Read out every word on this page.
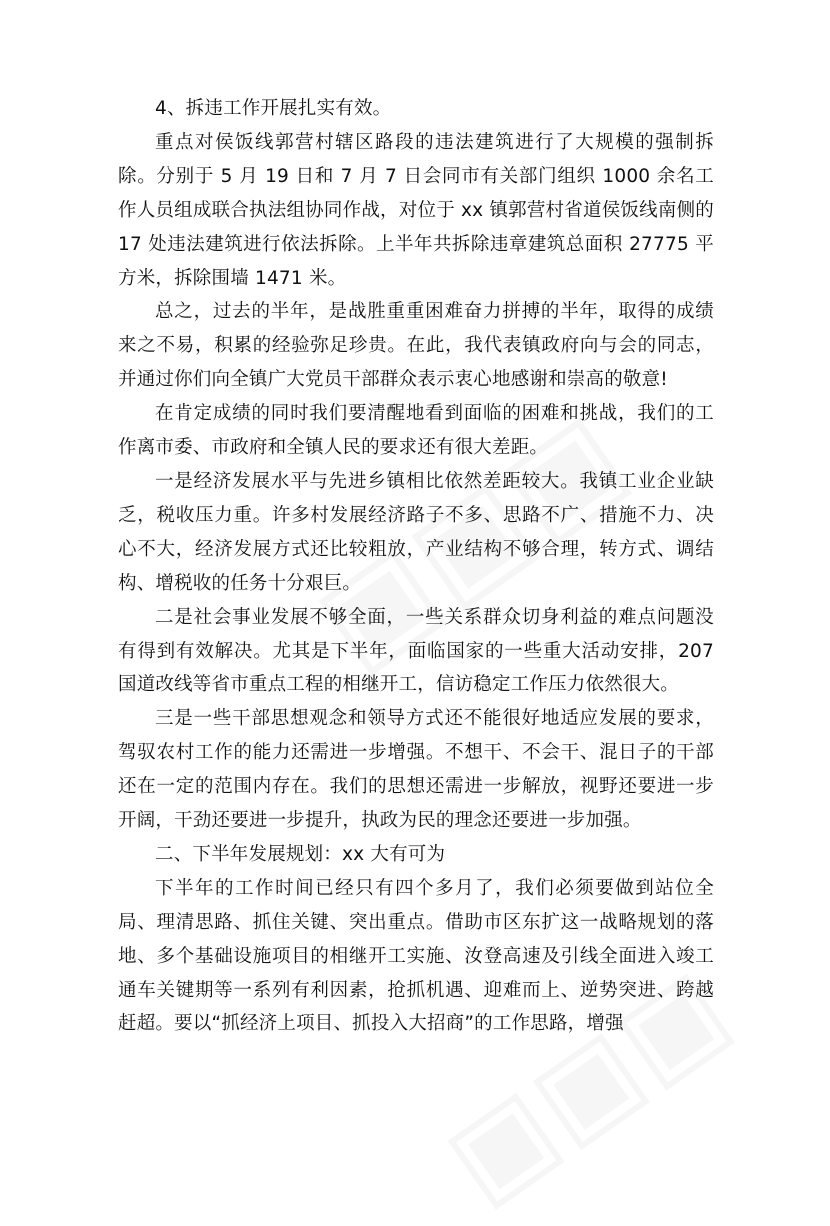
4、拆违工作开展扎实有效。

重点对侯饭线郭营村辖区路段的违法建筑进行了大规模的强制拆除。分别于 5 月 19 日和 7 月 7 日会同市有关部门组织 1000 余名工作人员组成联合执法组协同作战，对位于 xx 镇郭营村省道侯饭线南侧的 17 处违法建筑进行依法拆除。上半年共拆除违章建筑总面积 27775 平方米，拆除围墙 1471 米。

总之，过去的半年，是战胜重重困难奋力拼搏的半年，取得的成绩来之不易，积累的经验弥足珍贵。在此，我代表镇政府向与会的同志，并通过你们向全镇广大党员干部群众表示衷心地感谢和崇高的敬意!

在肯定成绩的同时我们要清醒地看到面临的困难和挑战，我们的工作离市委、市政府和全镇人民的要求还有很大差距。

一是经济发展水平与先进乡镇相比依然差距较大。我镇工业企业缺乏，税收压力重。许多村发展经济路子不多、思路不广、措施不力、决心不大，经济发展方式还比较粗放，产业结构不够合理，转方式、调结构、增税收的任务十分艰巨。

二是社会事业发展不够全面，一些关系群众切身利益的难点问题没有得到有效解决。尤其是下半年，面临国家的一些重大活动安排，207 国道改线等省市重点工程的相继开工，信访稳定工作压力依然很大。

三是一些干部思想观念和领导方式还不能很好地适应发展的要求，驾驭农村工作的能力还需进一步增强。不想干、不会干、混日子的干部还在一定的范围内存在。我们的思想还需进一步解放，视野还要进一步开阔，干劲还要进一步提升，执政为民的理念还要进一步加强。

二、下半年发展规划：xx 大有可为

下半年的工作时间已经只有四个多月了，我们必须要做到站位全局、理清思路、抓住关键、突出重点。借助市区东扩这一战略规划的落地、多个基础设施项目的相继开工实施、汝登高速及引线全面进入竣工通车关键期等一系列有利因素，抢抓机遇、迎难而上、逆势突进、跨越赶超。要以“抓经济上项目、抓投入大招商”的工作思路，增强
